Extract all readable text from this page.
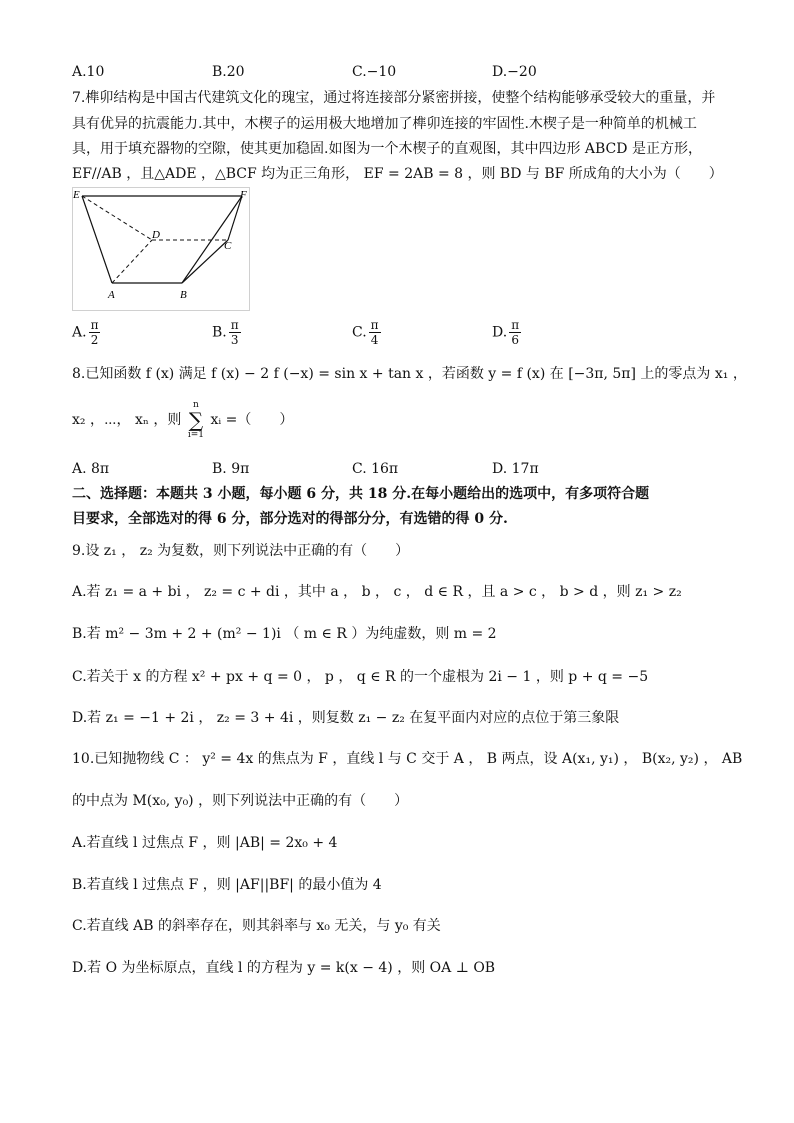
A.10	B.20	C.−10	D.−20
7.榫卯结构是中国古代建筑文化的瑰宝，通过将连接部分紧密拼接，使整个结构能够承受较大的重量，并
具有优异的抗震能力.其中，木楔子的运用极大地增加了榫卯连接的牢固性.木楔子是一种简单的机械工
具，用于填充器物的空隙，使其更加稳固.如图为一个木楔子的直观图，其中四边形 ABCD 是正方形，
EF//AB ，且△ADE ，△BCF 均为正三角形， EF = 2AB = 8 ，则 BD 与 BF 所成角的大小为（　　）
E	F
D
C
A	B
A. $\frac{\pi}{2}$	B. $\frac{\pi}{3}$	C. $\frac{\pi}{4}$	D. $\frac{\pi}{6}$
8.已知函数 f (x) 满足 f (x) − 2 f (−x) = sin x + tan x ，若函数 y = f (x) 在 [−3π, 5π] 上的零点为 x₁ ，
x₂ ，⋯， xₙ ，则
n
∑
i=1
xᵢ =（　　）
A. 8π	B. 9π	C. 16π	D. 17π
二、选择题：本题共 3 小题，每小题 6 分，共 18 分.在每小题给出的选项中，有多项符合题
目要求，全部选对的得 6 分，部分选对的得部分分，有选错的得 0 分.
9.设 z₁ ， z₂ 为复数，则下列说法中正确的有（　　）
A.若 z₁ = a + bi ， z₂ = c + di ，其中 a ， b ， c ， d ∈ R ，且 a > c ， b > d ，则 z₁ > z₂
B.若 m² − 3m + 2 + (m² − 1)i （ m ∈ R ）为纯虚数，则 m = 2
C.若关于 x 的方程 x² + px + q = 0 ， p ， q ∈ R 的一个虚根为 2i − 1 ，则 p + q = −5
D.若 z₁ = −1 + 2i ， z₂ = 3 + 4i ，则复数 z₁ − z₂ 在复平面内对应的点位于第三象限
10.已知抛物线 C ： y² = 4x 的焦点为 F ，直线 l 与 C 交于 A ， B 两点，设 A(x₁, y₁) ， B(x₂, y₂) ， AB
的中点为 M(x₀, y₀) ，则下列说法中正确的有（　　）
A.若直线 l 过焦点 F ，则 |AB| = 2x₀ + 4
B.若直线 l 过焦点 F ，则 |AF||BF| 的最小值为 4
C.若直线 AB 的斜率存在，则其斜率与 x₀ 无关，与 y₀ 有关
D.若 O 为坐标原点，直线 l 的方程为 y = k(x − 4) ，则 OA ⊥ OB
